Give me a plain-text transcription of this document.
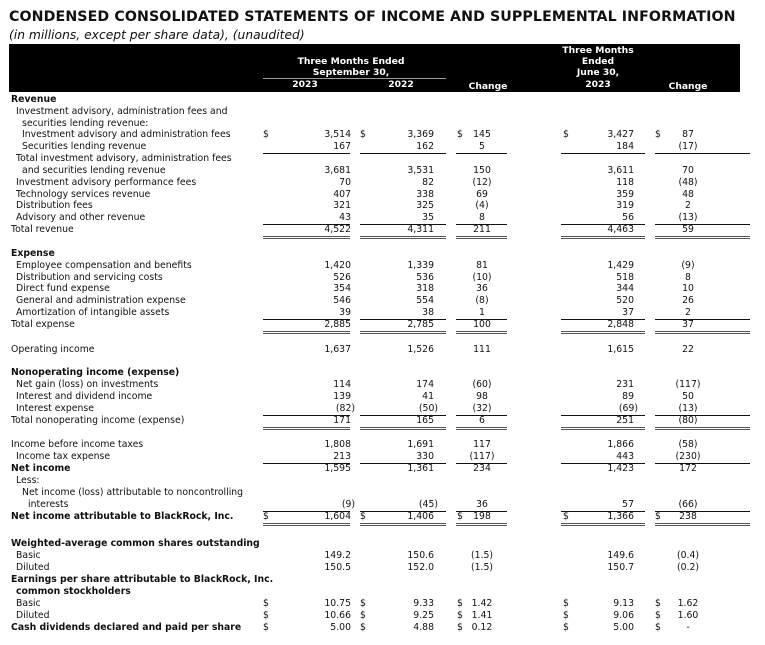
CONDENSED CONSOLIDATED STATEMENTS OF INCOME AND SUPPLEMENTAL INFORMATION
(in millions, except per share data), (unaudited)
Three Months Ended
September 30,
2023	2022	Change
Three Months
Ended
June 30,
2023	Change
Revenue
Investment advisory, administration fees and
securities lending revenue:
Investment advisory and administration fees	$	3,514 $	3,369 $	145	$	3,427 $	87
Securities lending revenue	167	162	5	184	(17)
Total investment advisory, administration fees
and securities lending revenue	3,681	3,531	150	3,611	70
Investment advisory performance fees	70	82	(12)	118	(48)
Technology services revenue	407	338	69	359	48
Distribution fees	321	325	(4)	319	2
Advisory and other revenue	43	35	8	56	(13)
Total revenue	4,522	4,311	211	4,463	59
Expense
Employee compensation and benefits	1,420	1,339	81	1,429	(9)
Distribution and servicing costs	526	536	(10)	518	8
Direct fund expense	354	318	36	344	10
General and administration expense	546	554	(8)	520	26
Amortization of intangible assets	39	38	1	37	2
Total expense	2,885	2,785	100	2,848	37
Operating income	1,637	1,526	111	1,615	22
Nonoperating income (expense)
Net gain (loss) on investments	114	174	(60)	231	(117)
Interest and dividend income	139	41	98	89	50
Interest expense	(82)	(50)	(32)	(69)	(13)
Total nonoperating income (expense)	171	165	6	251	(80)
Income before income taxes	1,808	1,691	117	1,866	(58)
Income tax expense	213	330	(117)	443	(230)
Net income	1,595	1,361	234	1,423	172
Less:
Net income (loss) attributable to noncontrolling
interests	(9)	(45)	36	57	(66)
Net income attributable to BlackRock, Inc.	$	1,604 $	1,406 $	198	$	1,366 $	238
Weighted-average common shares outstanding
Basic	149.2	150.6	(1.5)	149.6	(0.4)
Diluted	150.5	152.0	(1.5)	150.7	(0.2)
Earnings per share attributable to BlackRock, Inc.
common stockholders
Basic	$	10.75 $	9.33 $ 1.42	$	9.13 $	1.62
Diluted	$	10.66 $	9.25 $ 1.41	$	9.06 $	1.60
Cash dividends declared and paid per share $	5.00 $	4.88 $ 0.12	$	5.00 $	-
